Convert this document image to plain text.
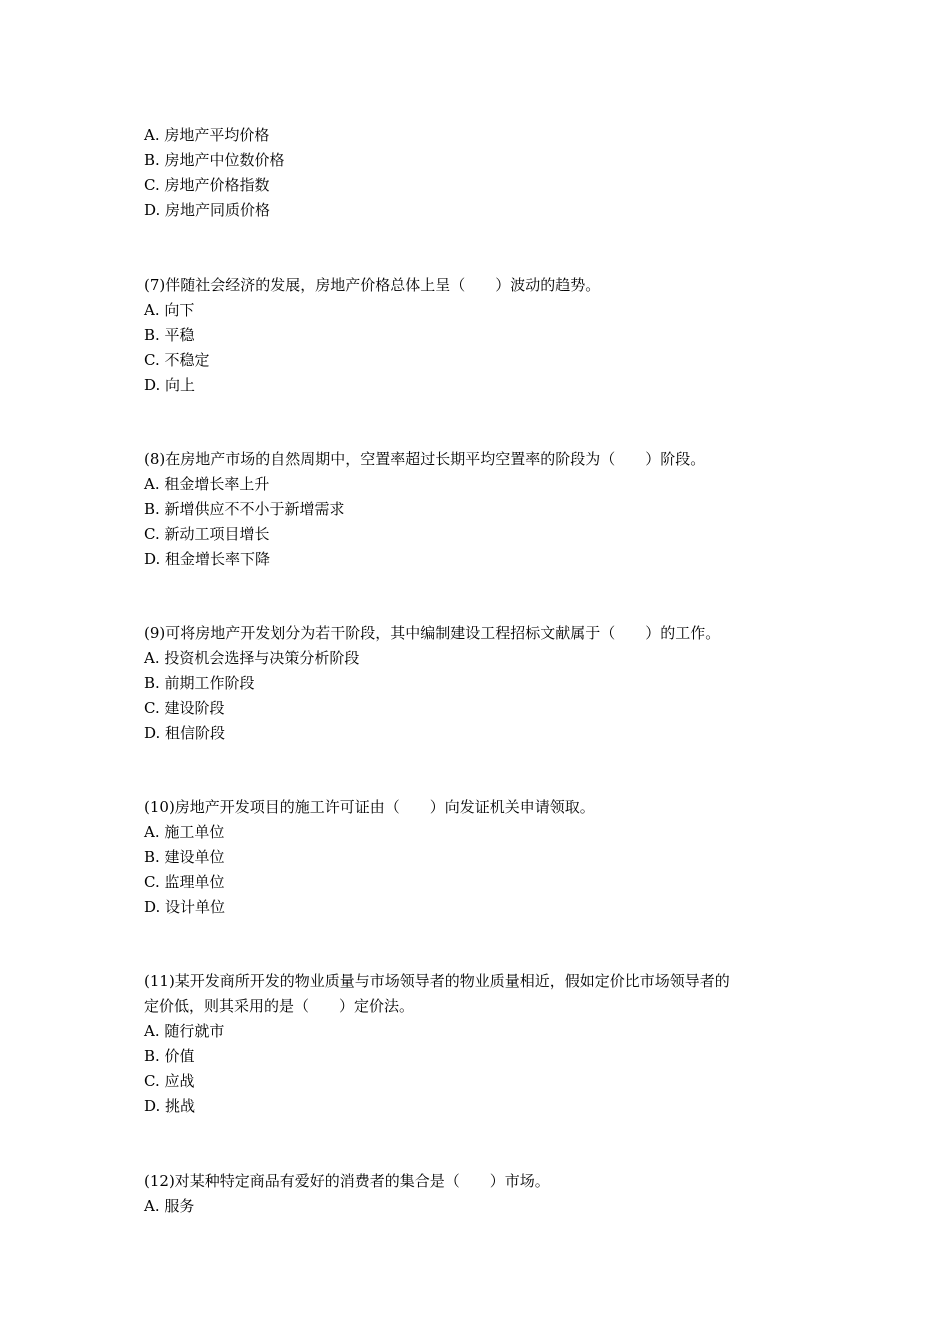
A. 房地产平均价格
B. 房地产中位数价格
C. 房地产价格指数
D. 房地产同质价格
(7)伴随社会经济的发展，房地产价格总体上呈（　　）波动的趋势。
A. 向下
B. 平稳
C. 不稳定
D. 向上
(8)在房地产市场的自然周期中，空置率超过长期平均空置率的阶段为（　　）阶段。
A. 租金增长率上升
B. 新增供应不不小于新增需求
C. 新动工项目增长
D. 租金增长率下降
(9)可将房地产开发划分为若干阶段，其中编制建设工程招标文献属于（　　）的工作。
A. 投资机会选择与决策分析阶段
B. 前期工作阶段
C. 建设阶段
D. 租信阶段
(10)房地产开发项目的施工许可证由（　　）向发证机关申请领取。
A. 施工单位
B. 建设单位
C. 监理单位
D. 设计单位
(11)某开发商所开发的物业质量与市场领导者的物业质量相近，假如定价比市场领导者的
定价低，则其采用的是（　　）定价法。
A. 随行就市
B. 价值
C. 应战
D. 挑战
(12)对某种特定商品有爱好的消费者的集合是（　　）市场。
A. 服务
